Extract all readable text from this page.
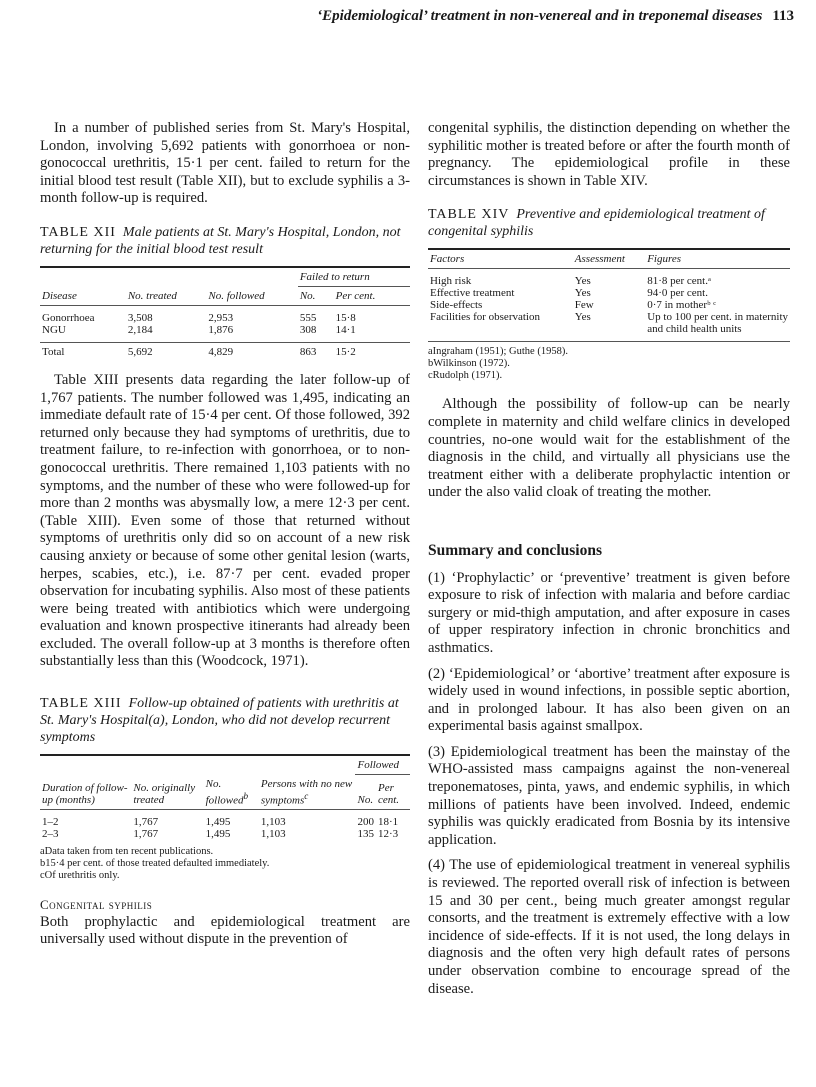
‘Epidemiological’ treatment in non-venereal and in treponemal diseases 113

In a number of published series from St. Mary's Hospital, London, involving 5,692 patients with gonorrhoea or non-gonococcal urethritis, 15·1 per cent. failed to return for the initial blood test result (Table XII), but to exclude syphilis a 3-month follow-up is required.

TABLE XII Male patients at St. Mary's Hospital, London, not returning for the initial blood test result
			Failed to return	
Disease	No. treated	No. followed	No.	Per cent.

Gonorrhoea	3,508	2,953	555	15·8
NGU	2,184	1,876	308	14·1

Total	5,692	4,829	863	15·2

Table XIII presents data regarding the later follow-up of 1,767 patients. The number followed was 1,495, indicating an immediate default rate of 15·4 per cent. Of those followed, 392 returned only because they had symptoms of urethritis, due to treatment failure, to re-infection with gonorrhoea, or to non-gonococcal urethritis. There remained 1,103 patients with no symptoms, and the number of these who were followed-up for more than 2 months was abysmally low, a mere 12·3 per cent. (Table XIII). Even some of those that returned without symptoms of urethritis only did so on account of a new risk causing anxiety or because of some other genital lesion (warts, herpes, scabies, etc.), i.e. 87·7 per cent. evaded proper observation for incubating syphilis. Also most of these patients were being treated with antibiotics which were undergoing evaluation and known prospective itinerants had already been excluded. The overall follow-up at 3 months is therefore often substantially less than this (Woodcock, 1971).

TABLE XIII Follow-up obtained of patients with urethritis at St. Mary's Hospital(a), London, who did not develop recurrent symptoms
				Followed	
Duration of follow-up (months)	No. originally treated	No. followed$^b$	Persons with no new symptoms$^c$	No.	Per cent.

1–2	1,767	1,495	1,103	200	18·1
2–3	1,767	1,495	1,103	135	12·3
aData taken from ten recent publications.
b15·4 per cent. of those treated defaulted immediately.
cOf urethritis only.
Congenital syphilis

Both prophylactic and epidemiological treatment are universally used without dispute in the prevention of

congenital syphilis, the distinction depending on whether the syphilitic mother is treated before or after the fourth month of pregnancy. The epidemiological profile in these circumstances is shown in Table XIV.

TABLE XIV Preventive and epidemiological treatment of congenital syphilis
Factors	Assessment	Figures

High risk	Yes	81·8 per cent.ᵃ
Effective treatment	Yes	94·0 per cent.
Side-effects	Few	0·7 in motherᵇ ᶜ
Facilities for observation	Yes	Up to 100 per cent. in maternity and child health units
aIngraham (1951); Guthe (1958).
bWilkinson (1972).
cRudolph (1971).

Although the possibility of follow-up can be nearly complete in maternity and child welfare clinics in developed countries, no-one would wait for the establishment of the diagnosis in the child, and virtually all physicians use the treatment either with a deliberate prophylactic intention or under the also valid cloak of treating the mother.

Summary and conclusions

(1) ‘Prophylactic’ or ‘preventive’ treatment is given before exposure to risk of infection with malaria and before cardiac surgery or mid-thigh amputation, and after exposure in cases of upper respiratory infection in chronic bronchitics and asthmatics.

(2) ‘Epidemiological’ or ‘abortive’ treatment after exposure is widely used in wound infections, in possible septic abortion, and in prolonged labour. It has also been given on an experimental basis against smallpox.

(3) Epidemiological treatment has been the mainstay of the WHO-assisted mass campaigns against the non-venereal treponematoses, pinta, yaws, and endemic syphilis, in which millions of patients have been involved. Indeed, endemic syphilis was quickly eradicated from Bosnia by its intensive application.

(4) The use of epidemiological treatment in venereal syphilis is reviewed. The reported overall risk of infection is between 15 and 30 per cent., being much greater amongst regular consorts, and the treatment is extremely effective with a low incidence of side-effects. If it is not used, the long delays in diagnosis and the often very high default rates of persons under observation combine to encourage spread of the disease.
